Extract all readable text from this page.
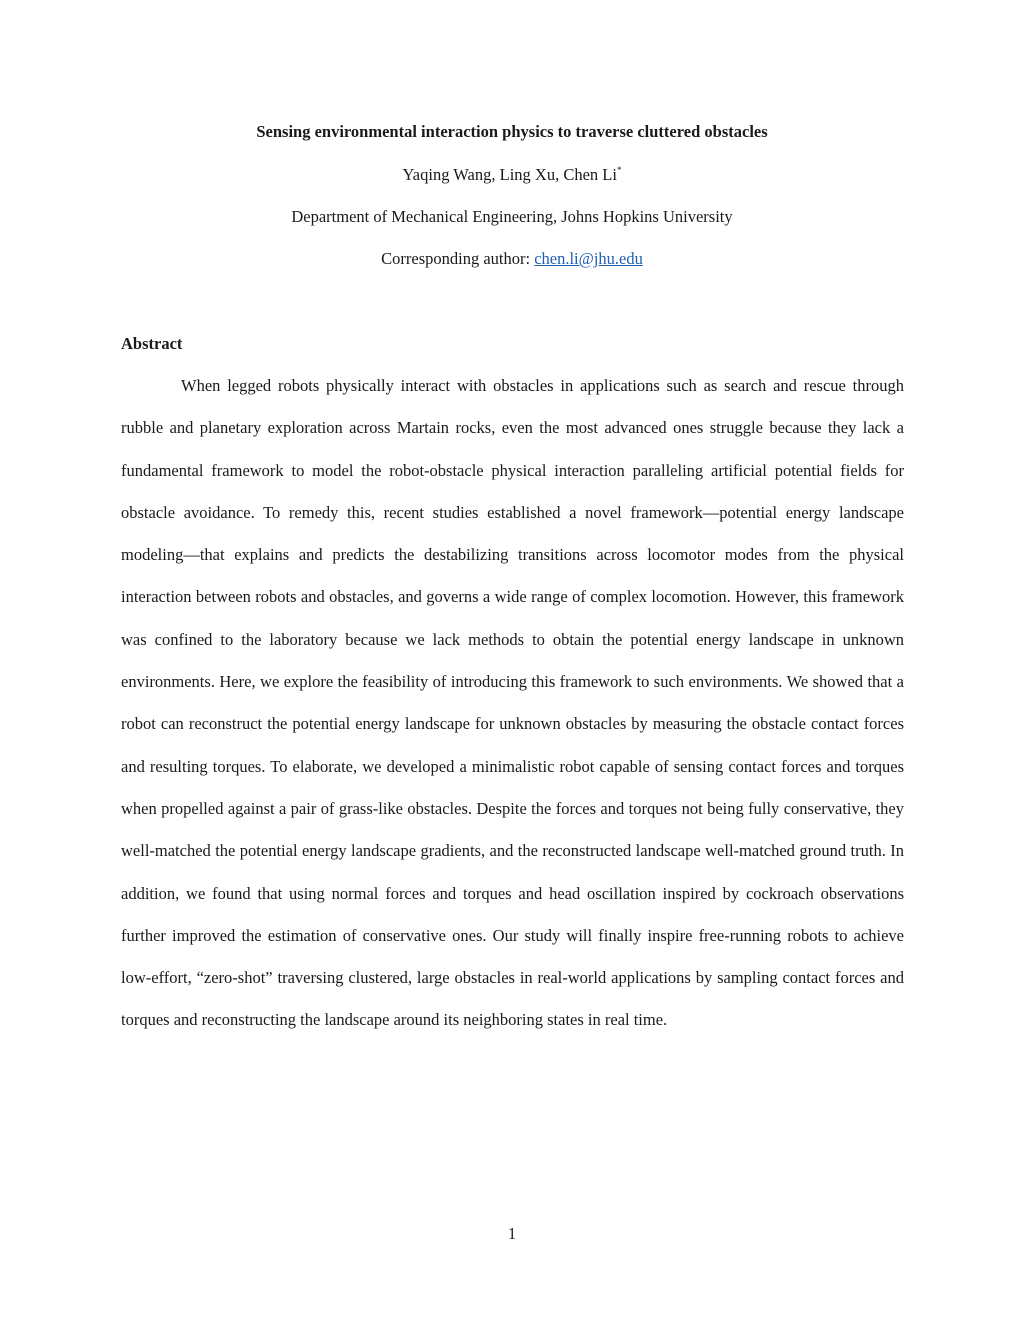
Sensing environmental interaction physics to traverse cluttered obstacles
Yaqing Wang, Ling Xu, Chen Li*
Department of Mechanical Engineering, Johns Hopkins University
Corresponding author: chen.li@jhu.edu
Abstract

When legged robots physically interact with obstacles in applications such as search and rescue through rubble and planetary exploration across Martain rocks, even the most advanced ones struggle because they lack a fundamental framework to model the robot-obstacle physical interaction paralleling artificial potential fields for obstacle avoidance. To remedy this, recent studies established a novel framework—potential energy landscape modeling—that explains and predicts the destabilizing transitions across locomotor modes from the physical interaction between robots and obstacles, and governs a wide range of complex locomotion. However, this framework was confined to the laboratory because we lack methods to obtain the potential energy landscape in unknown environments. Here, we explore the feasibility of introducing this framework to such environments. We showed that a robot can reconstruct the potential energy landscape for unknown obstacles by measuring the obstacle contact forces and resulting torques. To elaborate, we developed a minimalistic robot capable of sensing contact forces and torques when propelled against a pair of grass-like obstacles. Despite the forces and torques not being fully conservative, they well-matched the potential energy landscape gradients, and the reconstructed landscape well-matched ground truth. In addition, we found that using normal forces and torques and head oscillation inspired by cockroach observations further improved the estimation of conservative ones. Our study will finally inspire free-running robots to achieve low-effort, “zero-shot” traversing clustered, large obstacles in real-world applications by sampling contact forces and torques and reconstructing the landscape around its neighboring states in real time.

1
